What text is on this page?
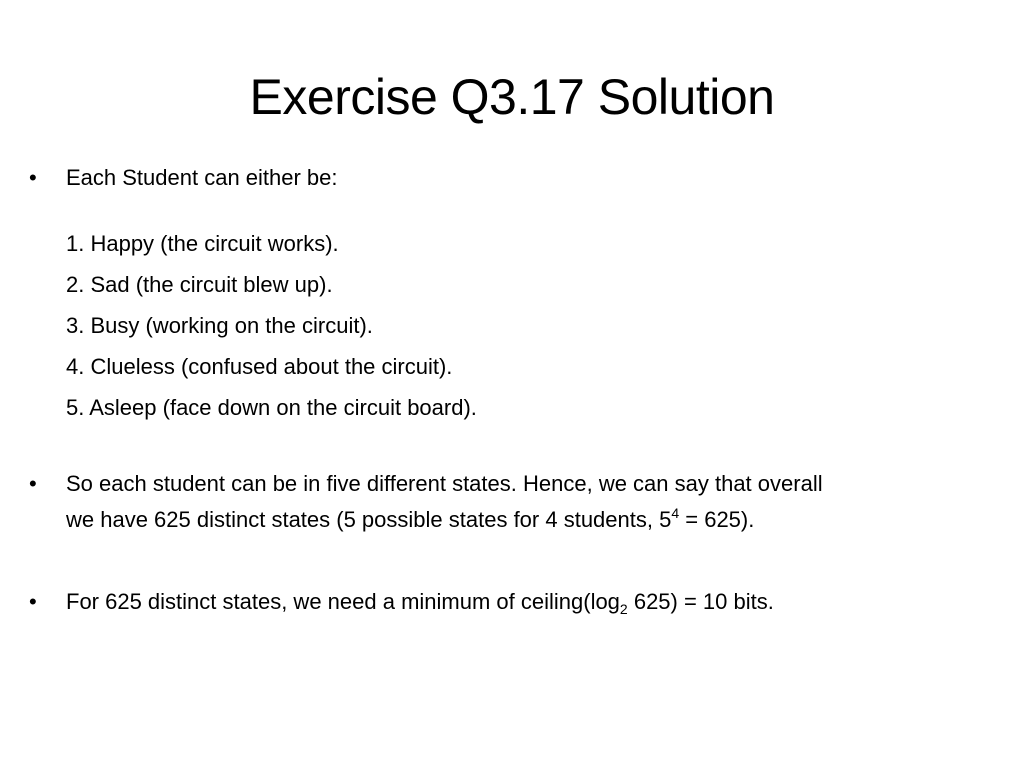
Exercise Q3.17 Solution
•	Each Student can either be:
1. Happy (the circuit works).
2. Sad (the circuit blew up).
3. Busy (working on the circuit).
4. Clueless (confused about the circuit).
5. Asleep (face down on the circuit board).
•	So each student can be in five different states. Hence, we can say that overall
we have 625 distinct states (5 possible states for 4 students, $5^4 = 625$).
•	For 625 distinct states, we need a minimum of $ceiling(\log_2$ 625) = 10 bits.
